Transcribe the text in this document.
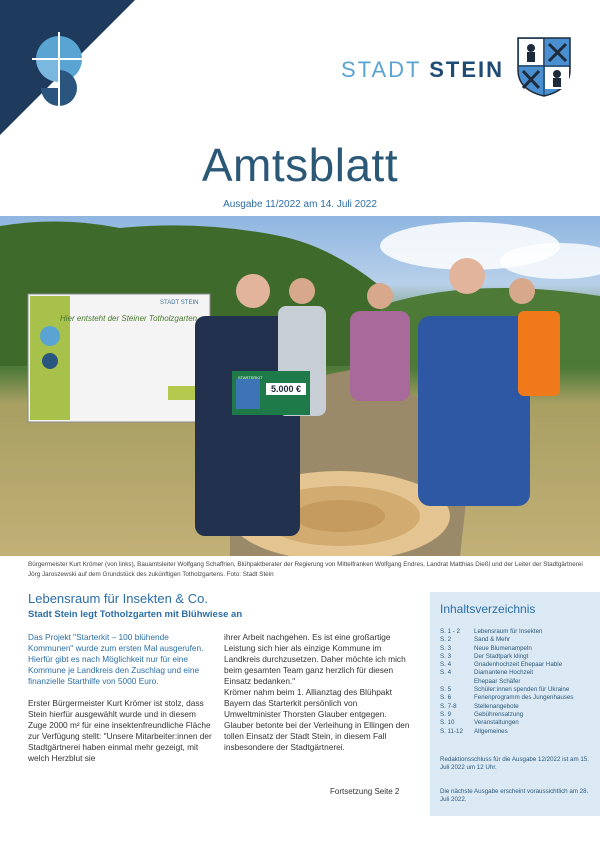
STADT STEIN
Amtsblatt
Ausgabe 11/2022 am 14. Juli 2022
Hier entsteht der Steiner Totholzgarten
STADT STEIN
STARTERKIT
5.000 €
Bürgermeister Kurt Krömer (von links), Bauamtsleiter Wolfgang Schaffrien, Blühpaktberater der Regierung von Mittelfranken Wolfgang Endres, Landrat Matthias Dießl und der Leiter der Stadtgärtnerei Jörg Jaroszewski auf dem Grundstück des zukünftigen Totholzgartens. Foto: Stadt Stein
Lebensraum für Insekten & Co.
Stadt Stein legt Totholzgarten mit Blühwiese an

Das Projekt "Starterkit – 100 blühende Kommunen" wurde zum ersten Mal ausgerufen. Hierfür gibt es nach Möglichkeit nur für eine Kommune je Landkreis den Zuschlag und eine finanzielle Starthilfe von 5000 Euro.

Erster Bürgermeister Kurt Krömer ist stolz, dass Stein hierfür ausgewählt wurde und in diesem Zuge 2000 m² für eine insektenfreundliche Fläche zur Verfügung stellt: "Unsere Mitarbeiter:innen der Stadtgärtnerei haben einmal mehr gezeigt, mit welch Herzblut sie

ihrer Arbeit nachgehen. Es ist eine großartige Leistung sich hier als einzige Kommune im Landkreis durchzusetzen. Daher möchte ich mich beim gesamten Team ganz herzlich für diesen Einsatz bedanken."

Krömer nahm beim 1. Allianztag des Blühpakt Bayern das Starterkit persönlich von Umweltminister Thorsten Glauber entgegen. Glauber betonte bei der Verleihung in Ellingen den tollen Einsatz der Stadt Stein, in diesem Fall insbesondere der Stadtgärtnerei.

Fortsetzung Seite 2
Inhaltsverzeichnis
S. 1 - 2	Lebensraum für Insekten
S. 2	Sand & Mehr
S. 3	Neue Blumenampeln
S. 3	Der Stadtpark klingt
S. 4	Gnadenhochzeit Ehepaar Hable
S. 4	Diamantene Hochzeit
Ehepaar Schäfer
S. 5	Schüler:innen spenden für Ukraine
S. 6	Ferienprogramm des Jungenhauses
S. 7-8	Stellenangebote
S. 9	Gebührensatzung
S. 10	Veranstaltungen
S. 11-12	Allgemeines
Redaktionsschluss für die Ausgabe 12/2022 ist am 15. Juli 2022 um 12 Uhr.
Die nächste Ausgabe erscheint voraussichtlich am 28. Juli 2022.
